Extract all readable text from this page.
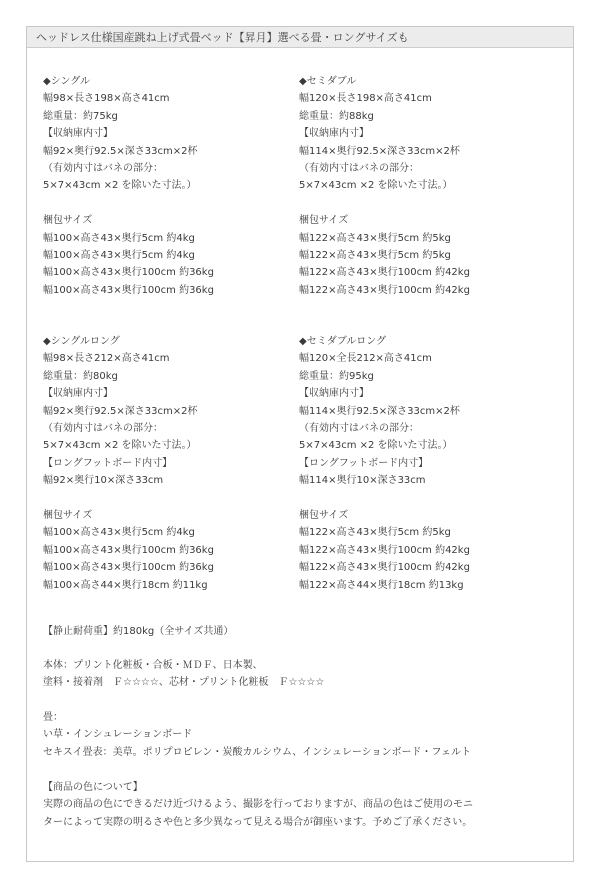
ヘッドレス仕様国産跳ね上げ式畳ベッド【昇月】選べる畳・ロングサイズも
◆シングル
幅98×長さ198×高さ41cm
総重量：約75kg
【収納庫内寸】
幅92×奥行92.5×深さ33cm×2杯
（有効内寸はバネの部分：
5×7×43cm ×2 を除いた寸法。）
梱包サイズ
幅100×高さ43×奥行5cm 約4kg
幅100×高さ43×奥行5cm 約4kg
幅100×高さ43×奥行100cm 約36kg
幅100×高さ43×奥行100cm 約36kg
◆セミダブル
幅120×長さ198×高さ41cm
総重量：約88kg
【収納庫内寸】
幅114×奥行92.5×深さ33cm×2杯
（有効内寸はバネの部分：
5×7×43cm ×2 を除いた寸法。）
梱包サイズ
幅122×高さ43×奥行5cm 約5kg
幅122×高さ43×奥行5cm 約5kg
幅122×高さ43×奥行100cm 約42kg
幅122×高さ43×奥行100cm 約42kg
◆シングルロング
幅98×長さ212×高さ41cm
総重量：約80kg
【収納庫内寸】
幅92×奥行92.5×深さ33cm×2杯
（有効内寸はバネの部分：
5×7×43cm ×2 を除いた寸法。）
【ロングフットボード内寸】
幅92×奥行10×深さ33cm
梱包サイズ
幅100×高さ43×奥行5cm 約4kg
幅100×高さ43×奥行100cm 約36kg
幅100×高さ43×奥行100cm 約36kg
幅100×高さ44×奥行18cm 約11kg
◆セミダブルロング
幅120×全長212×高さ41cm
総重量：約95kg
【収納庫内寸】
幅114×奥行92.5×深さ33cm×2杯
（有効内寸はバネの部分：
5×7×43cm ×2 を除いた寸法。）
【ロングフットボード内寸】
幅114×奥行10×深さ33cm
梱包サイズ
幅122×高さ43×奥行5cm 約5kg
幅122×高さ43×奥行100cm 約42kg
幅122×高さ43×奥行100cm 約42kg
幅122×高さ44×奥行18cm 約13kg
【静止耐荷重】約180kg（全サイズ共通）
本体：プリント化粧板・合板・ＭＤＦ、日本製、
塗料・接着剤　Ｆ☆☆☆☆、芯材・プリント化粧板　Ｆ☆☆☆☆
畳：
い草・インシュレーションボード
セキスイ畳表：美草。ポリプロピレン・炭酸カルシウム、インシュレーションボード・フェルト
【商品の色について】
実際の商品の色にできるだけ近づけるよう、撮影を行っておりますが、商品の色はご使用のモニ
ターによって実際の明るさや色と多少異なって見える場合が御座います。予めご了承ください。
